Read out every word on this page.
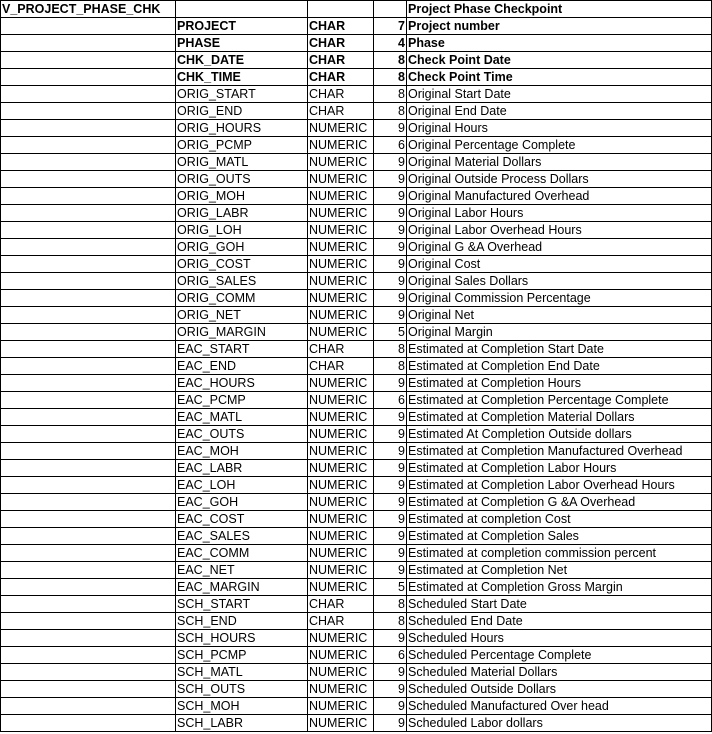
V_PROJECT_PHASE_CHK				Project Phase Checkpoint
	PROJECT	CHAR	7	Project number
	PHASE	CHAR	4	Phase
	CHK_DATE	CHAR	8	Check Point Date
	CHK_TIME	CHAR	8	Check Point Time
	ORIG_START	CHAR	8	Original Start Date
	ORIG_END	CHAR	8	Original End Date
	ORIG_HOURS	NUMERIC	9	Original Hours
	ORIG_PCMP	NUMERIC	6	Original Percentage Complete
	ORIG_MATL	NUMERIC	9	Original Material Dollars
	ORIG_OUTS	NUMERIC	9	Original Outside Process Dollars
	ORIG_MOH	NUMERIC	9	Original Manufactured Overhead
	ORIG_LABR	NUMERIC	9	Original Labor Hours
	ORIG_LOH	NUMERIC	9	Original Labor Overhead Hours
	ORIG_GOH	NUMERIC	9	Original G &A Overhead
	ORIG_COST	NUMERIC	9	Original Cost
	ORIG_SALES	NUMERIC	9	Original Sales Dollars
	ORIG_COMM	NUMERIC	9	Original Commission Percentage
	ORIG_NET	NUMERIC	9	Original Net
	ORIG_MARGIN	NUMERIC	5	Original Margin
	EAC_START	CHAR	8	Estimated at Completion Start Date
	EAC_END	CHAR	8	Estimated at Completion End Date
	EAC_HOURS	NUMERIC	9	Estimated at Completion Hours
	EAC_PCMP	NUMERIC	6	Estimated at Completion Percentage Complete
	EAC_MATL	NUMERIC	9	Estimated at Completion Material Dollars
	EAC_OUTS	NUMERIC	9	Estimated At Completion Outside dollars
	EAC_MOH	NUMERIC	9	Estimated at Completion Manufactured Overhead
	EAC_LABR	NUMERIC	9	Estimated at Completion Labor Hours
	EAC_LOH	NUMERIC	9	Estimated at Completion Labor Overhead Hours
	EAC_GOH	NUMERIC	9	Estimated at Completion G &A Overhead
	EAC_COST	NUMERIC	9	Estimated at completion Cost
	EAC_SALES	NUMERIC	9	Estimated at Completion Sales
	EAC_COMM	NUMERIC	9	Estimated at completion commission percent
	EAC_NET	NUMERIC	9	Estimated at Completion Net
	EAC_MARGIN	NUMERIC	5	Estimated at Completion Gross Margin
	SCH_START	CHAR	8	Scheduled Start Date
	SCH_END	CHAR	8	Scheduled End Date
	SCH_HOURS	NUMERIC	9	Scheduled Hours
	SCH_PCMP	NUMERIC	6	Scheduled Percentage Complete
	SCH_MATL	NUMERIC	9	Scheduled Material Dollars
	SCH_OUTS	NUMERIC	9	Scheduled Outside Dollars
	SCH_MOH	NUMERIC	9	Scheduled Manufactured Over head
	SCH_LABR	NUMERIC	9	Scheduled Labor dollars
